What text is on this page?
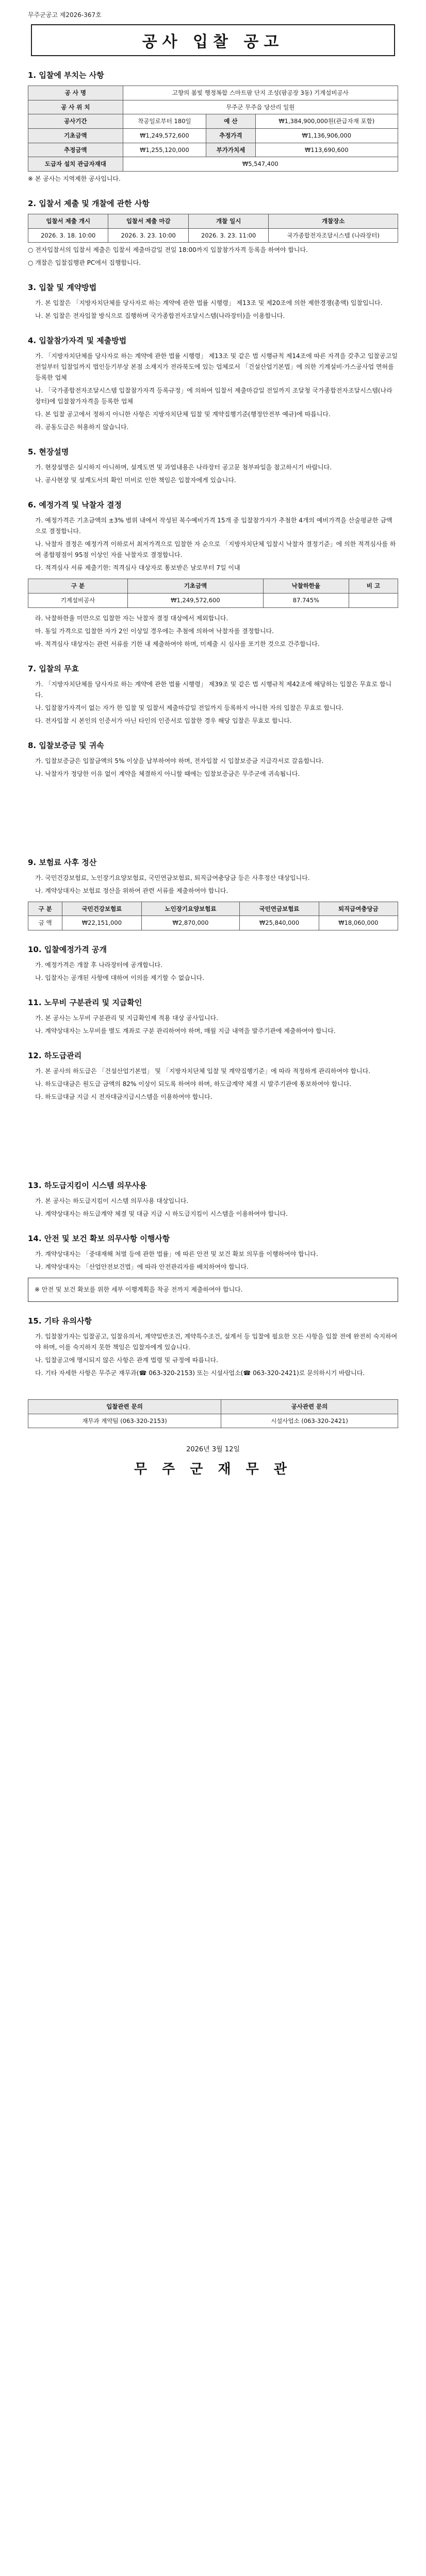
무주군공고 제2026-367호
공사 입찰 공고
1. 입찰에 부치는 사항
공 사 명	고향의 봄빛 행정복합 스마트팜 단지 조성(팜공장 3동) 기계설비공사		
공 사 위 치	무주군 무주읍 당산리 일원		
공사기간	착공일로부터 180일	예 산	₩1,384,900,000원(관급자재 포함)
기초금액	₩1,249,572,600	추정가격	₩1,136,906,000
추정금액	₩1,255,120,000	부가가치세	₩113,690,600
도급자 설치 관급자재대	₩5,547,400		

※ 본 공사는 지역제한 공사입니다.

2. 입찰서 제출 및 개찰에 관한 사항
입찰서 제출 개시	입찰서 제출 마감	개찰 일시	개찰장소
2026. 3. 18. 10:00	2026. 3. 23. 10:00	2026. 3. 23. 11:00	국가종합전자조달시스템 (나라장터)

○ 전자입찰서의 입찰서 제출은 입찰서 제출마감일 전일 18:00까지 입찰참가자격 등록을 하여야 합니다.

○ 개찰은 입찰집행관 PC에서 집행합니다.

3. 입찰 및 계약방법

가. 본 입찰은 「지방자치단체를 당사자로 하는 계약에 관한 법률 시행령」 제13조 및 제20조에 의한 제한경쟁(총액) 입찰입니다.

나. 본 입찰은 전자입찰 방식으로 집행하며 국가종합전자조달시스템(나라장터)을 이용합니다.

4. 입찰참가자격 및 제출방법

가. 「지방자치단체를 당사자로 하는 계약에 관한 법률 시행령」 제13조 및 같은 법 시행규칙 제14조에 따른 자격을 갖추고 입찰공고일 전일부터 입찰일까지 법인등기부상 본점 소재지가 전라북도에 있는 업체로서 「건설산업기본법」에 의한 기계설비·가스공사업 면허를 등록한 업체

나. 「국가종합전자조달시스템 입찰참가자격 등록규정」에 의하여 입찰서 제출마감일 전일까지 조달청 국가종합전자조달시스템(나라장터)에 입찰참가자격을 등록한 업체

다. 본 입찰 공고에서 정하지 아니한 사항은 지방자치단체 입찰 및 계약집행기준(행정안전부 예규)에 따릅니다.

라. 공동도급은 허용하지 않습니다.

5. 현장설명

가. 현장설명은 실시하지 아니하며, 설계도면 및 과업내용은 나라장터 공고문 첨부파일을 참고하시기 바랍니다.

나. 공사현장 및 설계도서의 확인 미비로 인한 책임은 입찰자에게 있습니다.

6. 예정가격 및 낙찰자 결정

가. 예정가격은 기초금액의 ±3% 범위 내에서 작성된 복수예비가격 15개 중 입찰참가자가 추첨한 4개의 예비가격을 산술평균한 금액으로 결정합니다.

나. 낙찰자 결정은 예정가격 이하로서 최저가격으로 입찰한 자 순으로 「지방자치단체 입찰시 낙찰자 결정기준」에 의한 적격심사를 하여 종합평점이 95점 이상인 자를 낙찰자로 결정합니다.

다. 적격심사 서류 제출기한: 적격심사 대상자로 통보받은 날로부터 7일 이내

구 분	기초금액	낙찰하한율	비 고
기계설비공사	₩1,249,572,600	87.745%	

라. 낙찰하한율 미만으로 입찰한 자는 낙찰자 결정 대상에서 제외합니다.

마. 동일 가격으로 입찰한 자가 2인 이상일 경우에는 추첨에 의하여 낙찰자를 결정합니다.

바. 적격심사 대상자는 관련 서류를 기한 내 제출하여야 하며, 미제출 시 심사를 포기한 것으로 간주합니다.

7. 입찰의 무효

가. 「지방자치단체를 당사자로 하는 계약에 관한 법률 시행령」 제39조 및 같은 법 시행규칙 제42조에 해당하는 입찰은 무효로 합니다.

나. 입찰참가자격이 없는 자가 한 입찰 및 입찰서 제출마감일 전일까지 등록하지 아니한 자의 입찰은 무효로 합니다.

다. 전자입찰 시 본인의 인증서가 아닌 타인의 인증서로 입찰한 경우 해당 입찰은 무효로 합니다.

8. 입찰보증금 및 귀속

가. 입찰보증금은 입찰금액의 5% 이상을 납부하여야 하며, 전자입찰 시 입찰보증금 지급각서로 갈음합니다.

나. 낙찰자가 정당한 이유 없이 계약을 체결하지 아니할 때에는 입찰보증금은 무주군에 귀속됩니다.

9. 보험료 사후 정산

가. 국민건강보험료, 노인장기요양보험료, 국민연금보험료, 퇴직급여충당금 등은 사후정산 대상입니다.

나. 계약상대자는 보험료 정산을 위하여 관련 서류를 제출하여야 합니다.

구 분	국민건강보험료	노인장기요양보험료	국민연금보험료	퇴직급여충당금
금 액	₩22,151,000	₩2,870,000	₩25,840,000	₩18,060,000
10. 입찰예정가격 공개

가. 예정가격은 개찰 후 나라장터에 공개합니다.

나. 입찰자는 공개된 사항에 대하여 이의를 제기할 수 없습니다.

11. 노무비 구분관리 및 지급확인

가. 본 공사는 노무비 구분관리 및 지급확인제 적용 대상 공사입니다.

나. 계약상대자는 노무비를 별도 계좌로 구분 관리하여야 하며, 매월 지급 내역을 발주기관에 제출하여야 합니다.

12. 하도급관리

가. 본 공사의 하도급은 「건설산업기본법」 및 「지방자치단체 입찰 및 계약집행기준」에 따라 적정하게 관리하여야 합니다.

나. 하도급대금은 원도급 금액의 82% 이상이 되도록 하여야 하며, 하도급계약 체결 시 발주기관에 통보하여야 합니다.

다. 하도급대금 지급 시 전자대금지급시스템을 이용하여야 합니다.

13. 하도급지킴이 시스템 의무사용

가. 본 공사는 하도급지킴이 시스템 의무사용 대상입니다.

나. 계약상대자는 하도급계약 체결 및 대금 지급 시 하도급지킴이 시스템을 이용하여야 합니다.

14. 안전 및 보건 확보 의무사항 이행사항

가. 계약상대자는 「중대재해 처벌 등에 관한 법률」에 따른 안전 및 보건 확보 의무를 이행하여야 합니다.

나. 계약상대자는 「산업안전보건법」에 따라 안전관리자를 배치하여야 합니다.

※ 안전 및 보건 확보를 위한 세부 이행계획을 착공 전까지 제출하여야 합니다.

15. 기타 유의사항

가. 입찰참가자는 입찰공고, 입찰유의서, 계약일반조건, 계약특수조건, 설계서 등 입찰에 필요한 모든 사항을 입찰 전에 완전히 숙지하여야 하며, 이를 숙지하지 못한 책임은 입찰자에게 있습니다.

나. 입찰공고에 명시되지 않은 사항은 관계 법령 및 규정에 따릅니다.

다. 기타 자세한 사항은 무주군 재무과(☎ 063-320-2153) 또는 시설사업소(☎ 063-320-2421)로 문의하시기 바랍니다.

입찰관련 문의	공사관련 문의
재무과 계약팀 (063-320-2153)	시설사업소 (063-320-2421)
2026년 3월 12일
무 주 군 재 무 관
